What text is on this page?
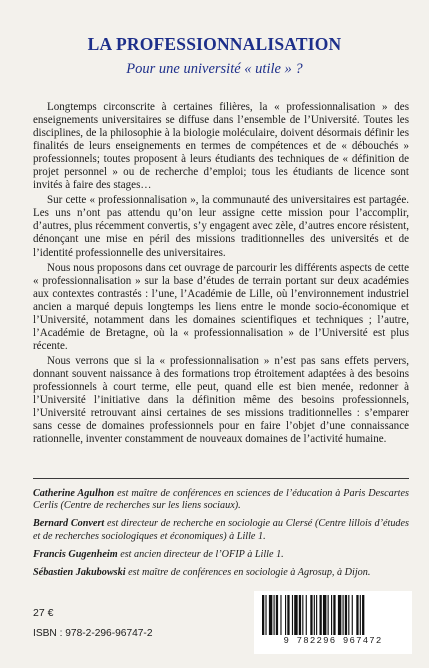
LA PROFESSIONNALISATION
Pour une université « utile » ?

Longtemps circonscrite à certaines filières, la « professionnalisation » des enseignements universitaires se diffuse dans l’ensemble de l’Université. Toutes les disciplines, de la philosophie à la biologie moléculaire, doivent désormais définir les finalités de leurs enseignements en termes de compétences et de « débouchés » professionnels; toutes proposent à leurs étudiants des techniques de « définition de projet personnel » ou de recherche d’emploi; tous les étudiants de licence sont invités à faire des stages…

Sur cette « professionnalisation », la communauté des universitaires est partagée. Les uns n’ont pas attendu qu’on leur assigne cette mission pour l’accomplir, d’autres, plus récemment convertis, s’y engagent avec zèle, d’autres encore résistent, dénonçant une mise en péril des missions traditionnelles des universités et de l’identité professionnelle des universitaires.

Nous nous proposons dans cet ouvrage de parcourir les différents aspects de cette « professionnalisation » sur la base d’études de terrain portant sur deux académies aux contextes contrastés : l’une, l’Académie de Lille, où l’environnement industriel ancien a marqué depuis longtemps les liens entre le monde socio-économique et l’Université, notamment dans les domaines scientifiques et techniques ; l’autre, l’Académie de Bretagne, où la « professionnalisation » de l’Université est plus récente.

Nous verrons que si la « professionnalisation » n’est pas sans effets pervers, donnant souvent naissance à des formations trop étroitement adaptées à des besoins professionnels à court terme, elle peut, quand elle est bien menée, redonner à l’Université l’initiative dans la définition même des besoins professionnels, l’Université retrouvant ainsi certaines de ses missions traditionnelles : s’emparer sans cesse de domaines professionnels pour en faire l’objet d’une connaissance rationnelle, inventer constamment de nouveaux domaines de l’activité humaine.

Catherine Agulhon est maître de conférences en sciences de l’éducation à Paris Descartes Cerlis (Centre de recherches sur les liens sociaux).

Bernard Convert est directeur de recherche en sociologie au Clersé (Centre lillois d’études et de recherches sociologiques et économiques) à Lille 1.

Francis Gugenheim est ancien directeur de l’OFIP à Lille 1.

Sébastien Jakubowski est maître de conférences en sociologie à Agrosup, à Dijon.

27 €
ISBN : 978-2-296-96747-2
9 782296 967472
